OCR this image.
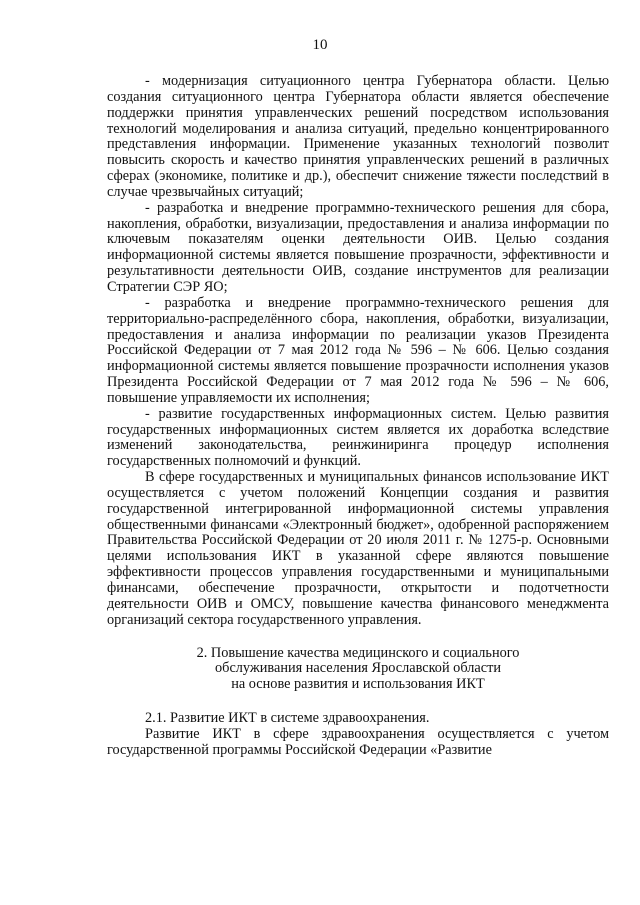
10

- модернизация ситуационного центра Губернатора области. Целью создания ситуационного центра Губернатора области является обеспечение поддержки принятия управленческих решений посредством использования технологий моделирования и анализа ситуаций, предельно концентрированного представления информации. Применение указанных технологий позволит повысить скорость и качество принятия управленческих решений в различных сферах (экономике, политике и др.), обеспечит снижение тяжести последствий в случае чрезвычайных ситуаций;

- разработка и внедрение программно-технического решения для сбора, накопления, обработки, визуализации, предоставления и анализа информации по ключевым показателям оценки деятельности ОИВ. Целью создания информационной системы является повышение прозрачности, эффективности и результативности деятельности ОИВ, создание инструментов для реализации Стратегии СЭР ЯО;

- разработка и внедрение программно-технического решения для территориально-распределённого сбора, накопления, обработки, визуализации, предоставления и анализа информации по реализации указов Президента Российской Федерации от 7 мая 2012 года № 596 – № 606. Целью создания информационной системы является повышение прозрачности исполнения указов Президента Российской Федерации от 7 мая 2012 года № 596 – № 606, повышение управляемости их исполнения;

- развитие государственных информационных систем. Целью развития государственных информационных систем является их доработка вследствие изменений законодательства, реинжиниринга процедур исполнения государственных полномочий и функций.

В сфере государственных и муниципальных финансов использование ИКТ осуществляется с учетом положений Концепции создания и развития государственной интегрированной информационной системы управления общественными финансами «Электронный бюджет», одобренной распоряжением Правительства Российской Федерации от 20 июля 2011 г. № 1275-р. Основными целями использования ИКТ в указанной сфере являются повышение эффективности процессов управления государственными и муниципальными финансами, обеспечение прозрачности, открытости и подотчетности деятельности ОИВ и ОМСУ, повышение качества финансового менеджмента организаций сектора государственного управления.

2. Повышение качества медицинского и социального
обслуживания населения Ярославской области
на основе развития и использования ИКТ

2.1. Развитие ИКТ в системе здравоохранения.

Развитие ИКТ в сфере здравоохранения осуществляется с учетом государственной программы Российской Федерации «Развитие
